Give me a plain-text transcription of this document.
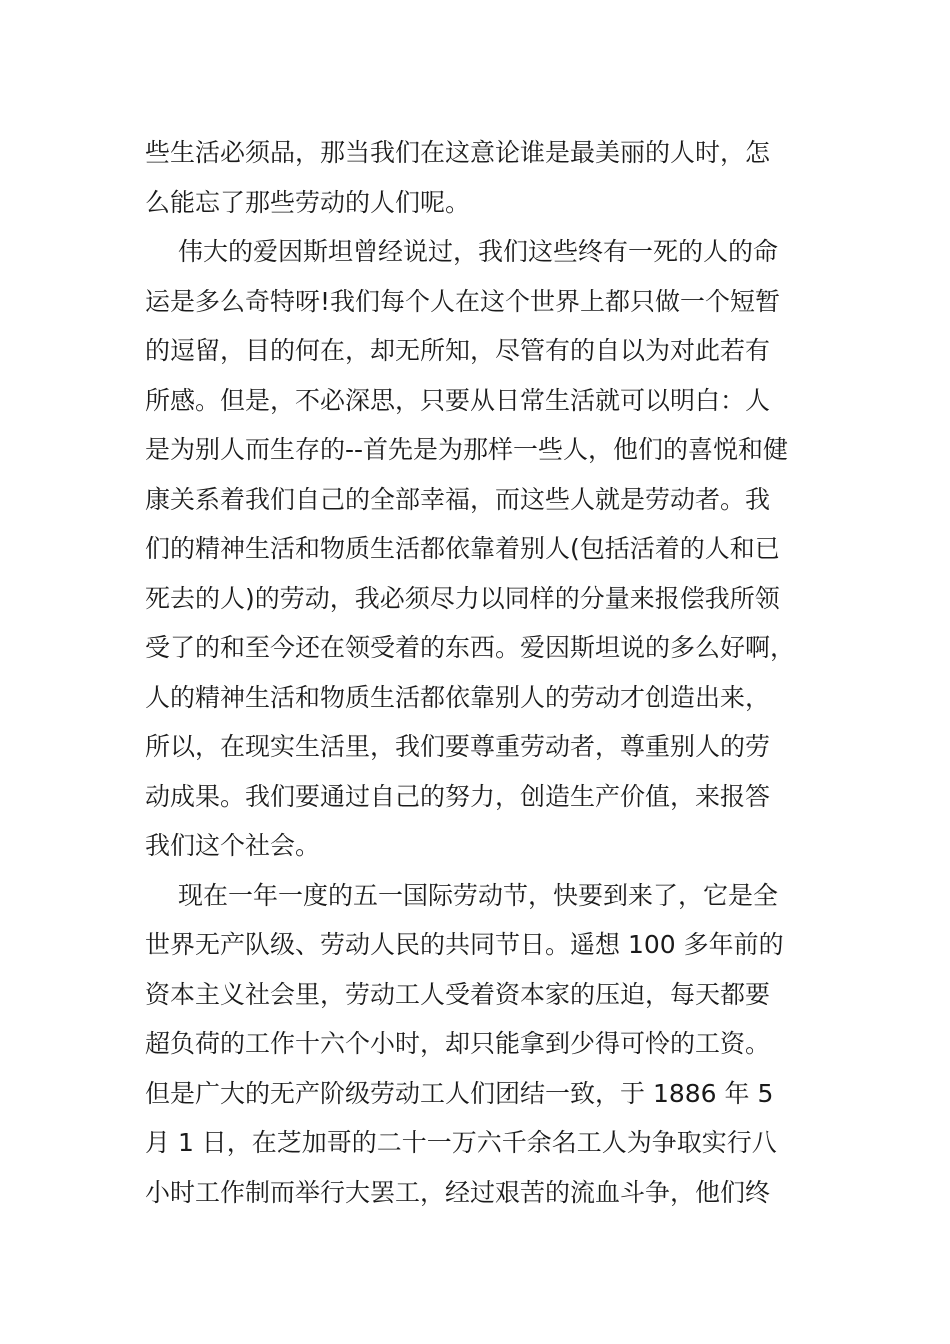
些生活必须品，那当我们在这意论谁是最美丽的人时，怎
么能忘了那些劳动的人们呢。
伟大的爱因斯坦曾经说过，我们这些终有一死的人的命
运是多么奇特呀!我们每个人在这个世界上都只做一个短暂
的逗留，目的何在，却无所知，尽管有的自以为对此若有
所感。但是，不必深思，只要从日常生活就可以明白：人
是为别人而生存的--首先是为那样一些人，他们的喜悦和健
康关系着我们自己的全部幸福，而这些人就是劳动者。我
们的精神生活和物质生活都依靠着别人(包括活着的人和已
死去的人)的劳动，我必须尽力以同样的分量来报偿我所领
受了的和至今还在领受着的东西。爱因斯坦说的多么好啊，
人的精神生活和物质生活都依靠别人的劳动才创造出来，
所以，在现实生活里，我们要尊重劳动者，尊重别人的劳
动成果。我们要通过自己的努力，创造生产价值，来报答
我们这个社会。
现在一年一度的五一国际劳动节，快要到来了，它是全
世界无产队级、劳动人民的共同节日。遥想 100 多年前的
资本主义社会里，劳动工人受着资本家的压迫，每天都要
超负荷的工作十六个小时，却只能拿到少得可怜的工资。
但是广大的无产阶级劳动工人们团结一致，于 1886 年 5
月 1 日，在芝加哥的二十一万六千余名工人为争取实行八
小时工作制而举行大罢工，经过艰苦的流血斗争，他们终
